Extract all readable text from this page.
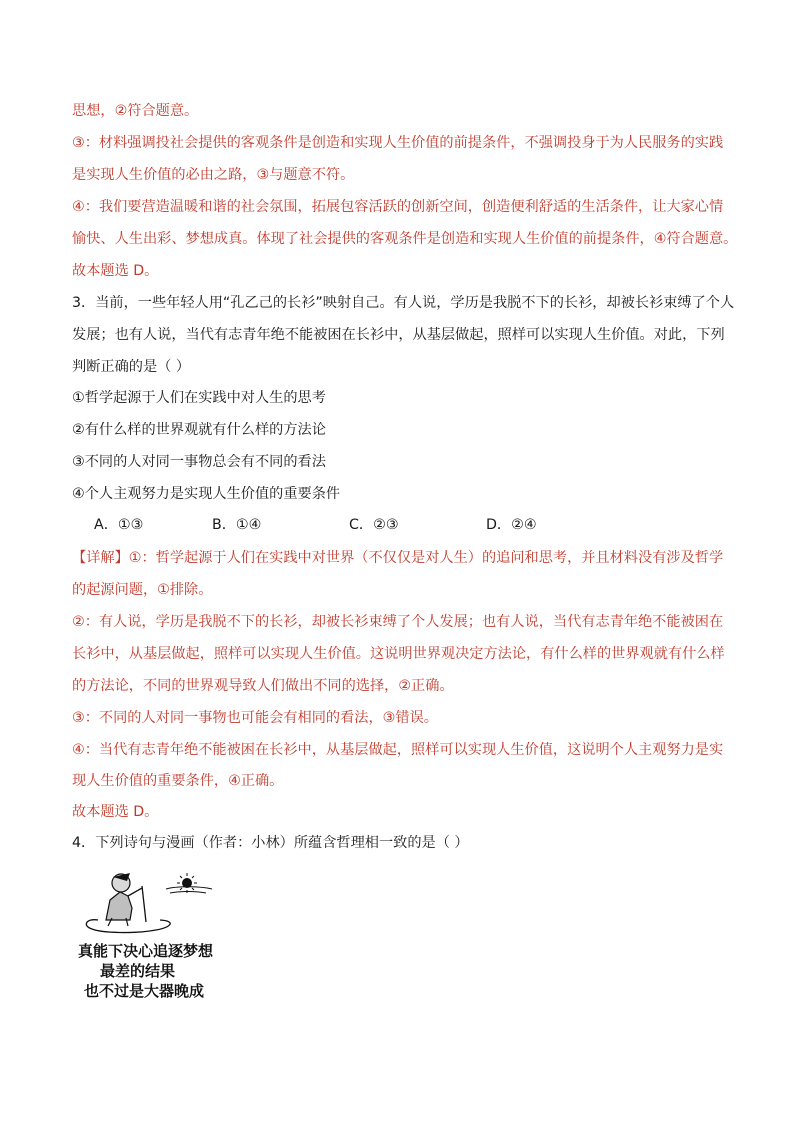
思想，②符合题意。
③：材料强调投社会提供的客观条件是创造和实现人生价值的前提条件，不强调投身于为人民服务的实践
是实现人生价值的必由之路，③与题意不符。
④：我们要营造温暖和谐的社会氛围，拓展包容活跃的创新空间，创造便利舒适的生活条件，让大家心情
愉快、人生出彩、梦想成真。体现了社会提供的客观条件是创造和实现人生价值的前提条件，④符合题意。
故本题选 D。
3．当前，一些年轻人用“孔乙己的长衫”映射自己。有人说，学历是我脱不下的长衫，却被长衫束缚了个人
发展；也有人说，当代有志青年绝不能被困在长衫中，从基层做起，照样可以实现人生价值。对此，下列
判断正确的是（ ）
①哲学起源于人们在实践中对人生的思考
②有什么样的世界观就有什么样的方法论
③不同的人对同一事物总会有不同的看法
④个人主观努力是实现人生价值的重要条件
A．①③	B．①④	C．②③	D．②④
【详解】①：哲学起源于人们在实践中对世界（不仅仅是对人生）的追问和思考，并且材料没有涉及哲学
的起源问题，①排除。
②：有人说，学历是我脱不下的长衫，却被长衫束缚了个人发展；也有人说，当代有志青年绝不能被困在
长衫中，从基层做起，照样可以实现人生价值。这说明世界观决定方法论，有什么样的世界观就有什么样
的方法论，不同的世界观导致人们做出不同的选择，②正确。
③：不同的人对同一事物也可能会有相同的看法，③错误。
④：当代有志青年绝不能被困在长衫中，从基层做起，照样可以实现人生价值，这说明个人主观努力是实
现人生价值的重要条件，④正确。
故本题选 D。
4．下列诗句与漫画（作者：小林）所蕴含哲理相一致的是（ ）
真能下决心追逐梦想
最差的结果
也不过是大器晚成
